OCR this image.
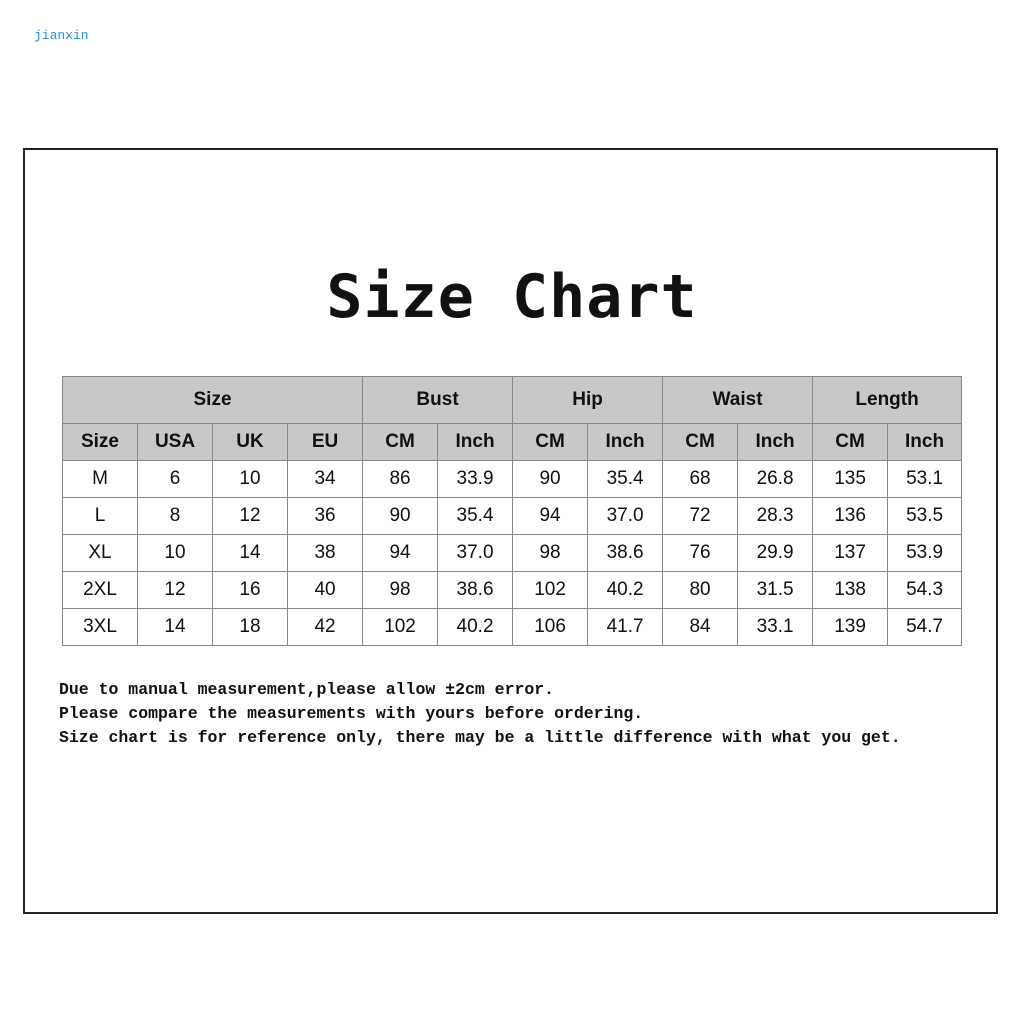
jianxin
Size Chart
Size				Bust		Hip		Waist		Length	
Size	USA	UK	EU	CM	Inch	CM	Inch	CM	Inch	CM	Inch
M	6	10	34	86	33.9	90	35.4	68	26.8	135	53.1
L	8	12	36	90	35.4	94	37.0	72	28.3	136	53.5
XL	10	14	38	94	37.0	98	38.6	76	29.9	137	53.9
2XL	12	16	40	98	38.6	102	40.2	80	31.5	138	54.3
3XL	14	18	42	102	40.2	106	41.7	84	33.1	139	54.7
Due to manual measurement,please allow ±2cm error.
Please compare the measurements with yours before ordering.
Size chart is for reference only, there may be a little difference with what you get.
